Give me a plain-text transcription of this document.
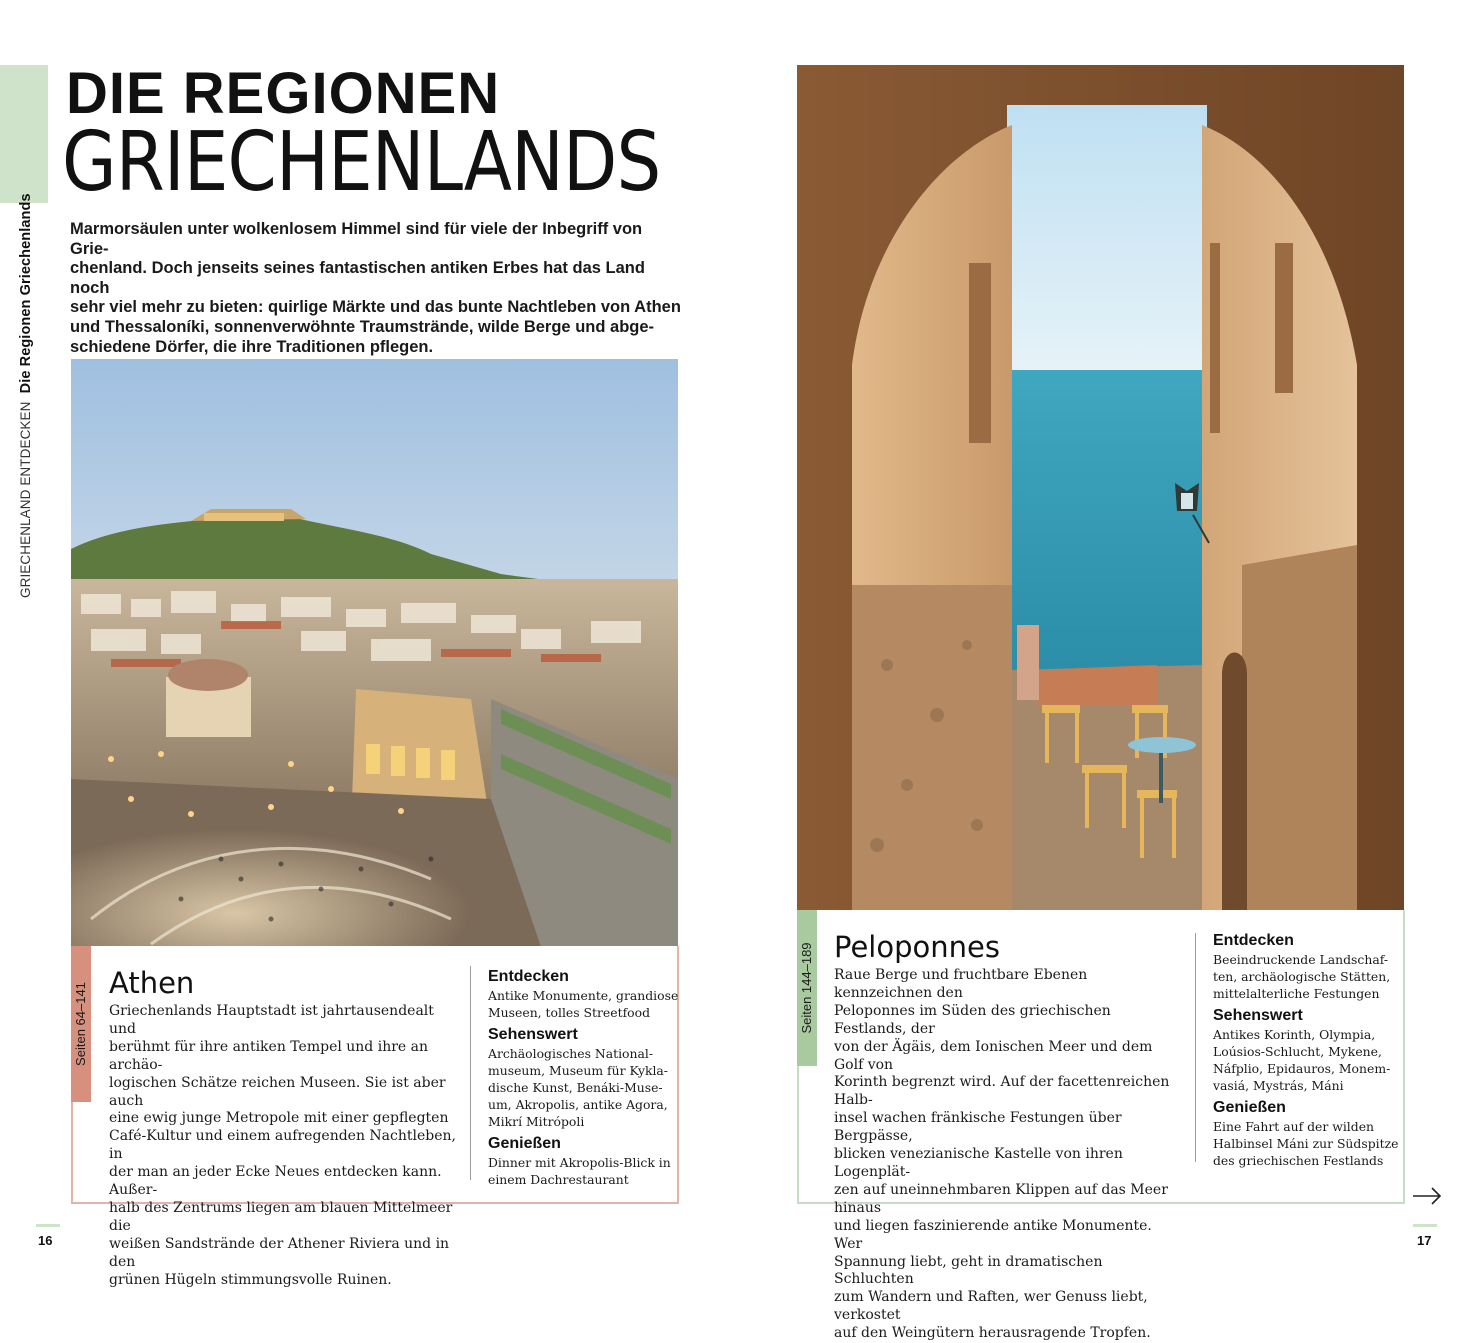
GRIECHENLAND ENTDECKEN Die Regionen Griechenlands
DIE REGIONEN
GRIECHENLANDS
Marmorsäulen unter wolkenlosem Himmel sind für viele der Inbegriff von Grie-
chenland. Doch jenseits seines fantastischen antiken Erbes hat das Land noch
sehr viel mehr zu bieten: quirlige Märkte und das bunte Nachtleben von Athen
und Thessaloníki, sonnenverwöhnte Traumstrände, wilde Berge und abge-
schiedene Dörfer, die ihre Traditionen pflegen.
Seiten 64–141 Athen
Griechenlands Hauptstadt ist jahrtausendealt und
berühmt für ihre antiken Tempel und ihre an archäo-
logischen Schätze reichen Museen. Sie ist aber auch
eine ewig junge Metropole mit einer gepflegten
Café-Kultur und einem aufregenden Nachtleben, in
der man an jeder Ecke Neues entdecken kann. Außer-
halb des Zentrums liegen am blauen Mittelmeer die
weißen Sandstrände der Athener Riviera und in den
grünen Hügeln stimmungsvolle Ruinen.
Entdecken
Antike Monumente, grandiose
Museen, tolles Streetfood
Sehenswert
Archäologisches National-
museum, Museum für Kykla-
dische Kunst, Benáki-Muse-
um, Akropolis, antike Agora,
Mikrí Mitrópoli
Genießen
Dinner mit Akropolis-Blick in
einem Dachrestaurant
16
Seiten 144–189 Peloponnes
Raue Berge und fruchtbare Ebenen kennzeichnen den
Peloponnes im Süden des griechischen Festlands, der
von der Ägäis, dem Ionischen Meer und dem Golf von
Korinth begrenzt wird. Auf der facettenreichen Halb-
insel wachen fränkische Festungen über Bergpässe,
blicken venezianische Kastelle von ihren Logenplät-
zen auf uneinnehmbaren Klippen auf das Meer hinaus
und liegen faszinierende antike Monumente. Wer
Spannung liebt, geht in dramatischen Schluchten
zum Wandern und Raften, wer Genuss liebt, verkostet
auf den Weingütern herausragende Tropfen.
Entdecken
Beeindruckende Landschaf-
ten, archäologische Stätten,
mittelalterliche Festungen
Sehenswert
Antikes Korinth, Olympia,
Loúsios-Schlucht, Mykene,
Náfplio, Epidauros, Monem-
vasiá, Mystrás, Máni
Genießen
Eine Fahrt auf der wilden
Halbinsel Máni zur Südspitze
des griechischen Festlands
17
